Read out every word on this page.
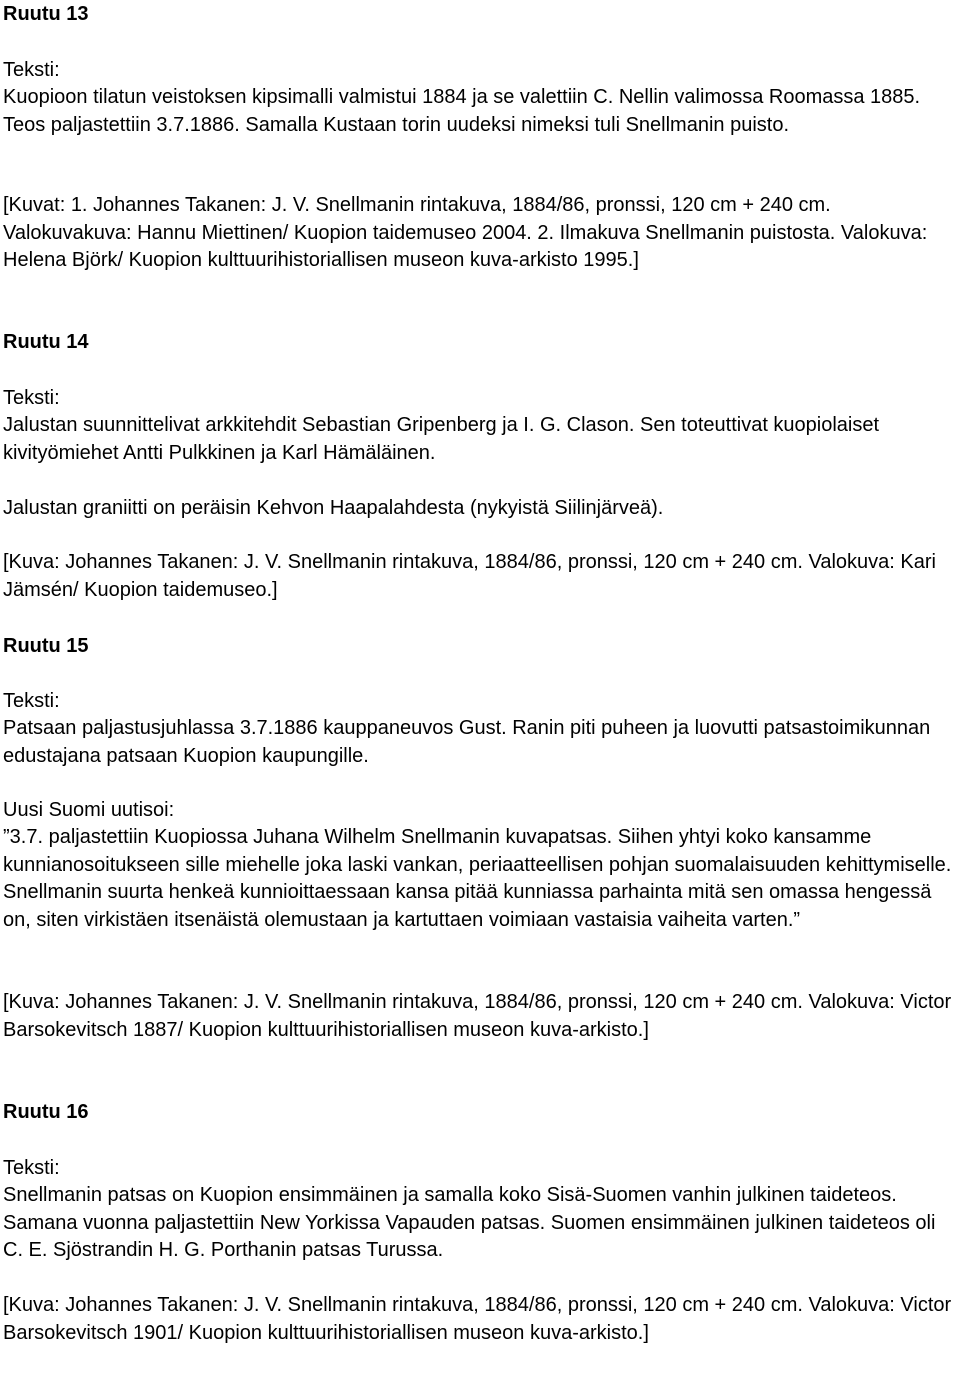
Ruutu 13

Teksti:

Kuopioon tilatun veistoksen kipsimalli valmistui 1884 ja se valettiin C. Nellin valimossa Roomassa 1885. Teos paljastettiin 3.7.1886. Samalla Kustaan torin uudeksi nimeksi tuli Snellmanin puisto.

[Kuvat: 1. Johannes Takanen: J. V. Snellmanin rintakuva, 1884/86, pronssi, 120 cm + 240 cm. Valokuvakuva: Hannu Miettinen/ Kuopion taidemuseo 2004. 2. Ilmakuva Snellmanin puistosta. Valokuva: Helena Björk/ Kuopion kulttuurihistoriallisen museon kuva-arkisto 1995.]

Ruutu 14

Teksti:

Jalustan suunnittelivat arkkitehdit Sebastian Gripenberg ja I. G. Clason. Sen toteuttivat kuopiolaiset kivityömiehet Antti Pulkkinen ja Karl Hämäläinen.

Jalustan graniitti on peräisin Kehvon Haapalahdesta (nykyistä Siilinjärveä).

[Kuva: Johannes Takanen: J. V. Snellmanin rintakuva, 1884/86, pronssi, 120 cm + 240 cm. Valokuva: Kari Jämsén/ Kuopion taidemuseo.]

Ruutu 15

Teksti:

Patsaan paljastusjuhlassa 3.7.1886 kauppaneuvos Gust. Ranin piti puheen ja luovutti patsastoimikunnan edustajana patsaan Kuopion kaupungille.

Uusi Suomi uutisoi:

”3.7. paljastettiin Kuopiossa Juhana Wilhelm Snellmanin kuvapatsas. Siihen yhtyi koko kansamme kunnianosoitukseen sille miehelle joka laski vankan, periaatteellisen pohjan suomalaisuuden kehittymiselle. Snellmanin suurta henkeä kunnioittaessaan kansa pitää kunniassa parhainta mitä sen omassa hengessä on, siten virkistäen itsenäistä olemustaan ja kartuttaen voimiaan vastaisia vaiheita varten.”

[Kuva: Johannes Takanen: J. V. Snellmanin rintakuva, 1884/86, pronssi, 120 cm + 240 cm. Valokuva: Victor Barsokevitsch 1887/ Kuopion kulttuurihistoriallisen museon kuva-arkisto.]

Ruutu 16

Teksti:

Snellmanin patsas on Kuopion ensimmäinen ja samalla koko Sisä-Suomen vanhin julkinen taideteos. Samana vuonna paljastettiin New Yorkissa Vapauden patsas. Suomen ensimmäinen julkinen taideteos oli C. E. Sjöstrandin H. G. Porthanin patsas Turussa.

[Kuva: Johannes Takanen: J. V. Snellmanin rintakuva, 1884/86, pronssi, 120 cm + 240 cm. Valokuva: Victor Barsokevitsch 1901/ Kuopion kulttuurihistoriallisen museon kuva-arkisto.]
